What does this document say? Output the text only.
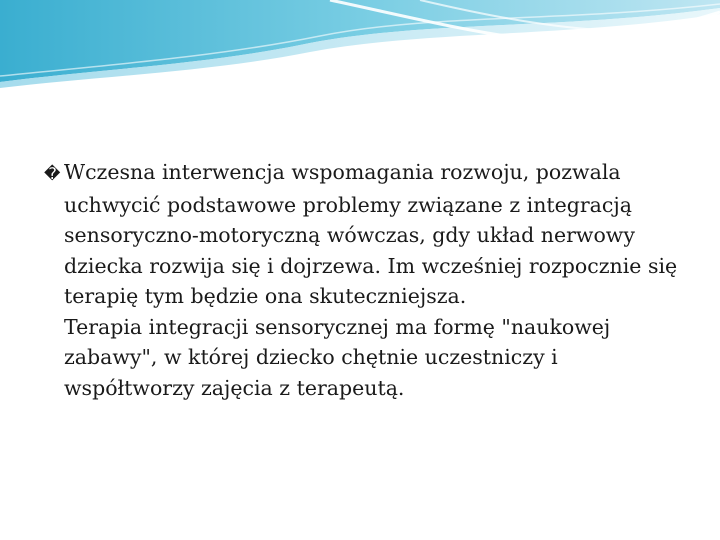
� Wczesna interwencja wspomagania rozwoju, pozwala uchwycić podstawowe problemy związane z integracją sensoryczno-motoryczną wówczas, gdy układ nerwowy dziecka rozwija się i dojrzewa. Im wcześniej rozpocznie się terapię tym będzie ona skuteczniejsza.

Terapia integracji sensorycznej ma formę "naukowej zabawy", w której dziecko chętnie uczestniczy i współtworzy zajęcia z terapeutą.
